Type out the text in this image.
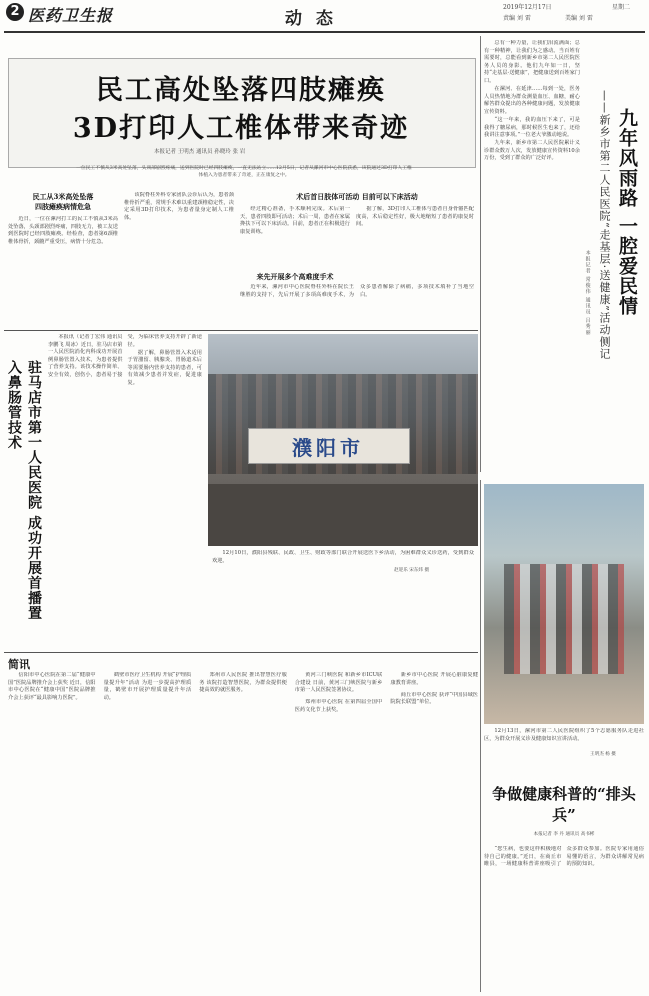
2 医药卫生报	动 态
2019年12月17日	星期二
责编 刘 雷	美编 刘 雷
民工高处坠落四肢瘫痪
3D打印人工椎体带来奇迹
本报记者 王明杰 通讯员 孙晓玲 张 岩
一位民工不慎从3米高处坠落，头颈部剧烈疼痛，送到医院时已经四肢瘫痪，一直无法站立……12月5日，记者从漯河市中心医院获悉，该院通过3D打印人工椎体植入为患者带来了奇迹，正在康复之中。
民工从3米高处坠落
四肢瘫痪病情危急

近日，一位在漯河打工的民工不慎从3米高处坠落，头颈部剧烈疼痛，四肢无力，被工友送到医院时已经四肢瘫痪。经检查，患者第6颈椎椎体骨折，颈髓严重受压，病情十分危急。

该院脊柱外科专家团队会诊后认为，患者颈椎骨折严重，常规手术难以重建颈椎稳定性，决定采用3D打印技术，为患者量身定制人工椎体。

术后首日肢体可活动 目前可以下床活动

经过精心准备，手术顺利完成。术后第一天，患者四肢即可活动；术后一周，患者在家属搀扶下可以下床活动。目前，患者正在积极进行康复训练。

据了解，3D打印人工椎体与患者自身骨骼匹配度高，术后稳定性好，极大地缩短了患者的康复时间。

来先开展多个高难度手术

近年来，漯河市中心医院脊柱外科在院长王继胜的支持下，先后开展了多项高难度手术，为众多患者解除了病痛，多项技术填补了当地空白。	九年风雨路 一腔爱民情
——新乡市第二人民医院“走基层·送健康”活动侧记
本报记者 常俊伟 通讯员 吕秀丽

总有一种力量，让我们泪流满面；总有一种精神，让我们为之感动。当百姓有需要时，总能看到新乡市第二人民医院医务人员的身影。他们九年如一日，坚持“走基层·送健康”，把健康送到百姓家门口。

在漯河、在延津……每到一处，医务人员热情地为群众测量血压、血糖，耐心解答群众提出的各种健康问题，发放健康宣传资料。

“这一年来，我的血压下来了，可是我得了糖尿病，那时候医生也来了，还给我讲注意事项。”一位老大爷激动地说。

九年来，新乡市第二人民医院累计义诊群众数万人次，发放健康宣传资料10余万份，受到了群众的广泛好评。

驻马店市第一人民医院 成功开展首播置入鼻肠管技术

本报讯（记者丁宏伟 通讯员李鹏飞 周冰）近日，驻马店市第一人民医院消化内科成功开展首例鼻肠管置入技术，为患者提供了营养支持。该技术操作简单、安全有效，创伤小，患者易于接受，为临床营养支持开辟了新途径。

据了解，鼻肠管置入术适用于胃潴留、胰腺炎、胃肠道术后等需要肠内营养支持的患者，可有效减少患者并发症，促进康复。

濮阳市

12月10日，濮阳县残联、民政、卫生、财政等部门联合开展送医下乡活动，为困难群众义诊送药，受到群众欢迎。

赵迎乐 宋东炜 摄
简讯

信阳市中心医院在第二届“健康中国”医院品牌推介会上获奖 近日，信阳市中心医院在“健康中国”医院品牌推介会上获评“最具影响力医院”。

鹤壁市医疗卫生机构 开展“护理质量提升年”活动 为进一步提高护理质量，鹤壁市开展护理质量提升年活动。

郑州市人民医院 推出智慧医疗服务 该院打造智慧医院，为群众提供便捷高效的就医服务。

黄河三门峡医院 和新乡市ICU联合建设 日前，黄河三门峡医院与新乡市第一人民医院签署协议。

郑州市中心医院 在第四届全国中医药文化节上获奖。

新乡市中心医院 开展心脏康复健康教育讲座。

商丘市中心医院 获评“中国县域医院院长联盟”单位。

12月13日，漯河市第二人民医院组织了5个志愿服务队走进社区，为群众开展义诊及健康知识宣讲活动。

王明杰 杨 摄
争做健康科普的“排头兵”
本报记者 李 丹 通讯员 高书彬

“您生病，也要这样积极地对待自己的健康。”近日，在商丘市睢县，一场健康科普讲座吸引了众多群众参加。医院专家用通俗易懂的语言，为群众讲解常见病的预防知识。
